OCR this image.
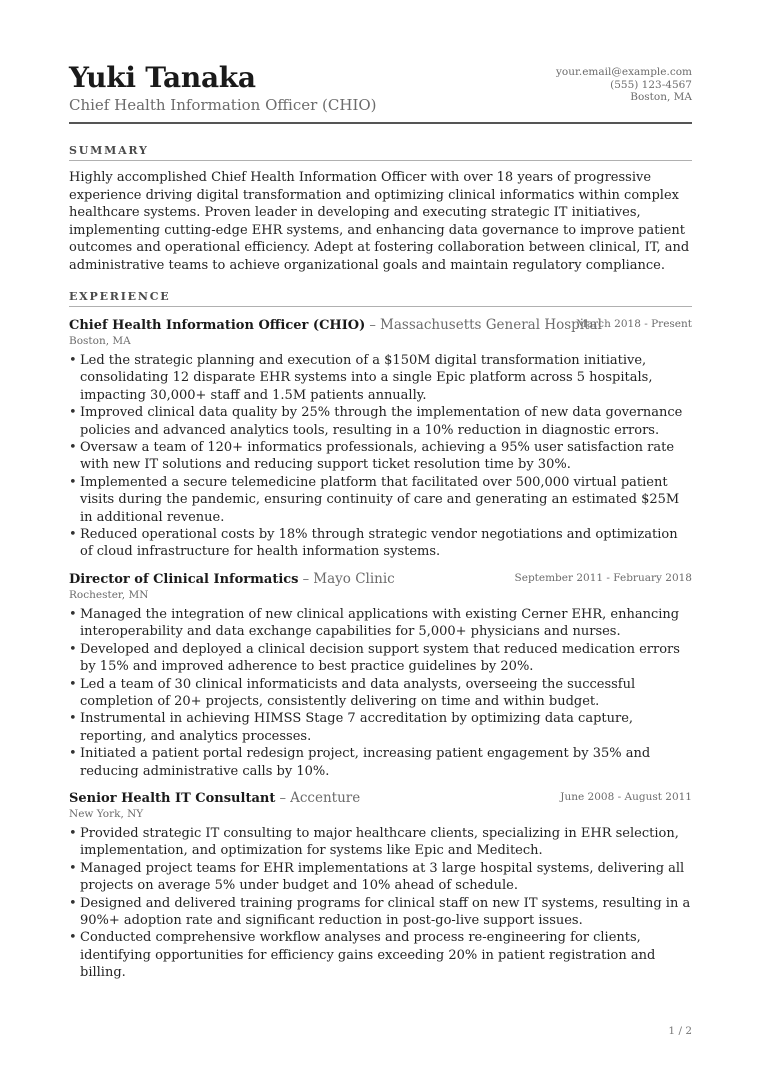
Yuki Tanaka
Chief Health Information Officer (CHIO)
your.email@example.com
(555) 123-4567
Boston, MA
SUMMARY
Highly accomplished Chief Health Information Officer with over 18 years of progressive experience driving digital transformation and optimizing clinical informatics within complex healthcare systems. Proven leader in developing and executing strategic IT initiatives, implementing cutting-edge EHR systems, and enhancing data governance to improve patient outcomes and operational efficiency. Adept at fostering collaboration between clinical, IT, and administrative teams to achieve organizational goals and maintain regulatory compliance.
EXPERIENCE
Chief Health Information Officer (CHIO) – Massachusetts General Hospital
March 2018 - Present
Boston, MA
• Led the strategic planning and execution of a $150M digital transformation initiative, consolidating 12 disparate EHR systems into a single Epic platform across 5 hospitals, impacting 30,000+ staff and 1.5M patients annually.
• Improved clinical data quality by 25% through the implementation of new data governance policies and advanced analytics tools, resulting in a 10% reduction in diagnostic errors.
• Oversaw a team of 120+ informatics professionals, achieving a 95% user satisfaction rate with new IT solutions and reducing support ticket resolution time by 30%.
• Implemented a secure telemedicine platform that facilitated over 500,000 virtual patient visits during the pandemic, ensuring continuity of care and generating an estimated $25M in additional revenue.
• Reduced operational costs by 18% through strategic vendor negotiations and optimization of cloud infrastructure for health information systems.
Director of Clinical Informatics – Mayo Clinic	September 2011 - February 2018
Rochester, MN
• Managed the integration of new clinical applications with existing Cerner EHR, enhancing interoperability and data exchange capabilities for 5,000+ physicians and nurses.
• Developed and deployed a clinical decision support system that reduced medication errors by 15% and improved adherence to best practice guidelines by 20%.
• Led a team of 30 clinical informaticists and data analysts, overseeing the successful completion of 20+ projects, consistently delivering on time and within budget.
• Instrumental in achieving HIMSS Stage 7 accreditation by optimizing data capture, reporting, and analytics processes.
• Initiated a patient portal redesign project, increasing patient engagement by 35% and reducing administrative calls by 10%.
Senior Health IT Consultant – Accenture	June 2008 - August 2011
New York, NY
• Provided strategic IT consulting to major healthcare clients, specializing in EHR selection, implementation, and optimization for systems like Epic and Meditech.
• Managed project teams for EHR implementations at 3 large hospital systems, delivering all projects on average 5% under budget and 10% ahead of schedule.
• Designed and delivered training programs for clinical staff on new IT systems, resulting in a 90%+ adoption rate and significant reduction in post-go-live support issues.
• Conducted comprehensive workflow analyses and process re-engineering for clients, identifying opportunities for efficiency gains exceeding 20% in patient registration and billing.
1 / 2
